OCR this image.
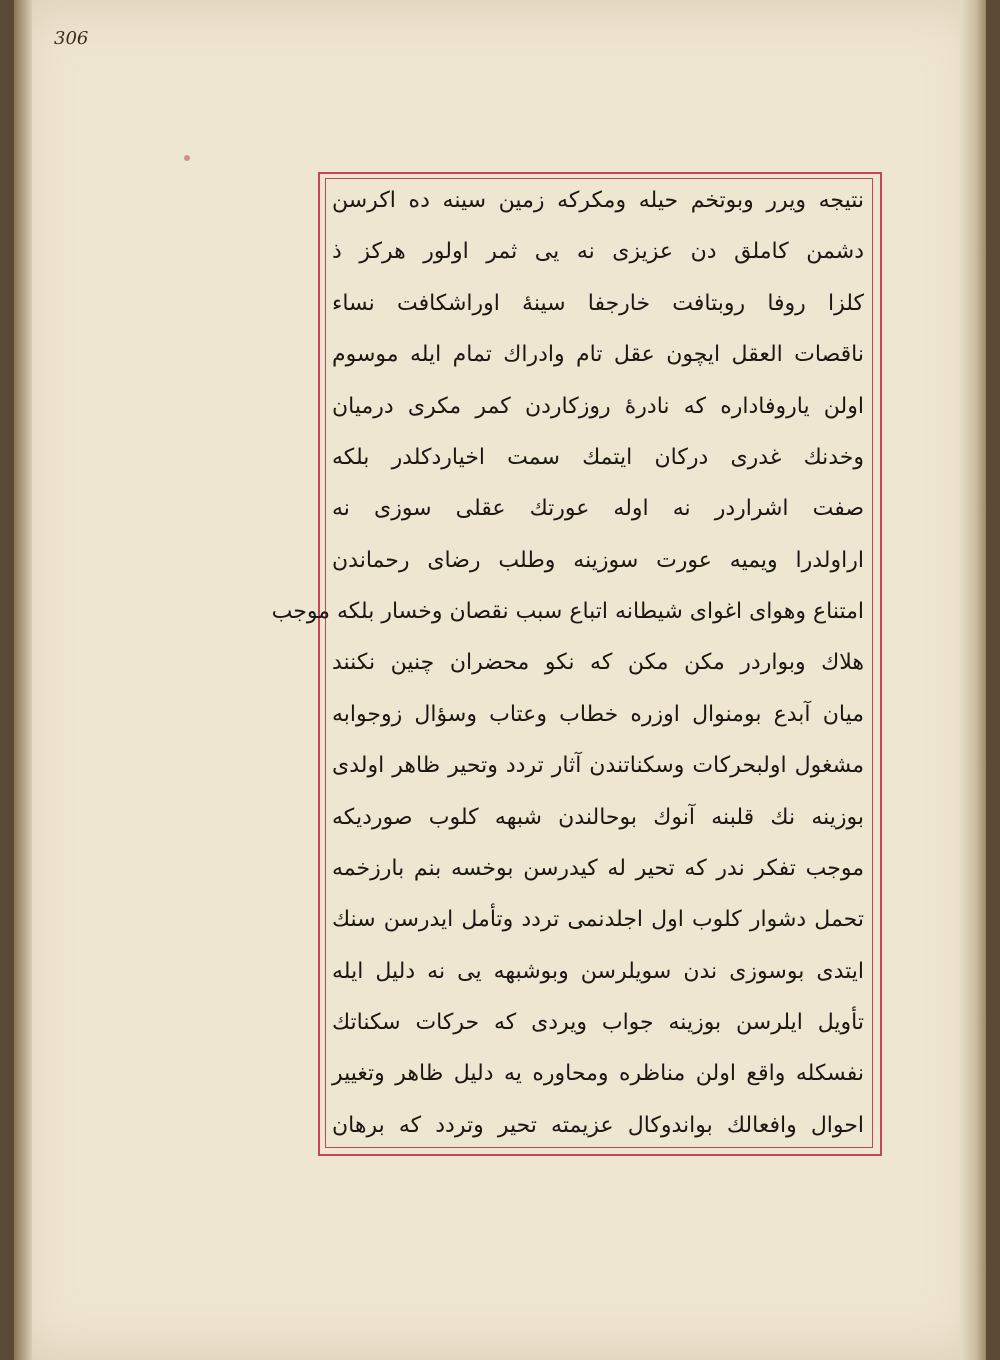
306
نتیجه ویرر وبوتخم حیله ومکرکه زمین سینه ده اکرسن
دشمن کاملق دن عزیزی نه یی ثمر اولور هرکز ذ
کلزا روفا روبتافت خارجفا سینهٔ اوراشکافت نساء
ناقصات العقل ایچون عقل تام وادراك تمام ایله موسوم
اولن یاروفاداره که نادرهٔ روزکاردن کمر مکری درمیان
وخدنك غدری درکان ایتمك سمت اخیاردکلدر بلکه
صفت اشراردر نه اوله عورتك عقلی سوزی نه
اراولدرا ویمیه عورت سوزینه وطلب رضای رحماندن
امتناع وهوای اغوای شیطانه اتباع سبب نقصان وخسار بلکه موجب
هلاك وبواردر مکن مکن که نکو محضران چنین نکنند
میان آبدع بومنوال اوزره خطاب وعتاب وسؤال زوجوابه
مشغول اولبحرکات وسکناتندن آثار تردد وتحیر ظاهر اولدی
بوزینه نك قلبنه آنوك بوحالندن شبهه کلوب صوردیکه
موجب تفکر ندر که تحیر له کیدرسن بوخسه بنم بارزخمه
تحمل دشوار کلوب اول اجلدنمی تردد وتأمل ایدرسن سنك
ایتدی بوسوزی ندن سویلرسن وبوشبهه یی نه دلیل ایله
تأویل ایلرسن بوزینه جواب ویردی که حرکات سکناتك
نفسکله واقع اولن مناظره ومحاوره یه دلیل ظاهر وتغییر
احوال وافعالك بواندوکال عزیمته تحیر وتردد که برهان
